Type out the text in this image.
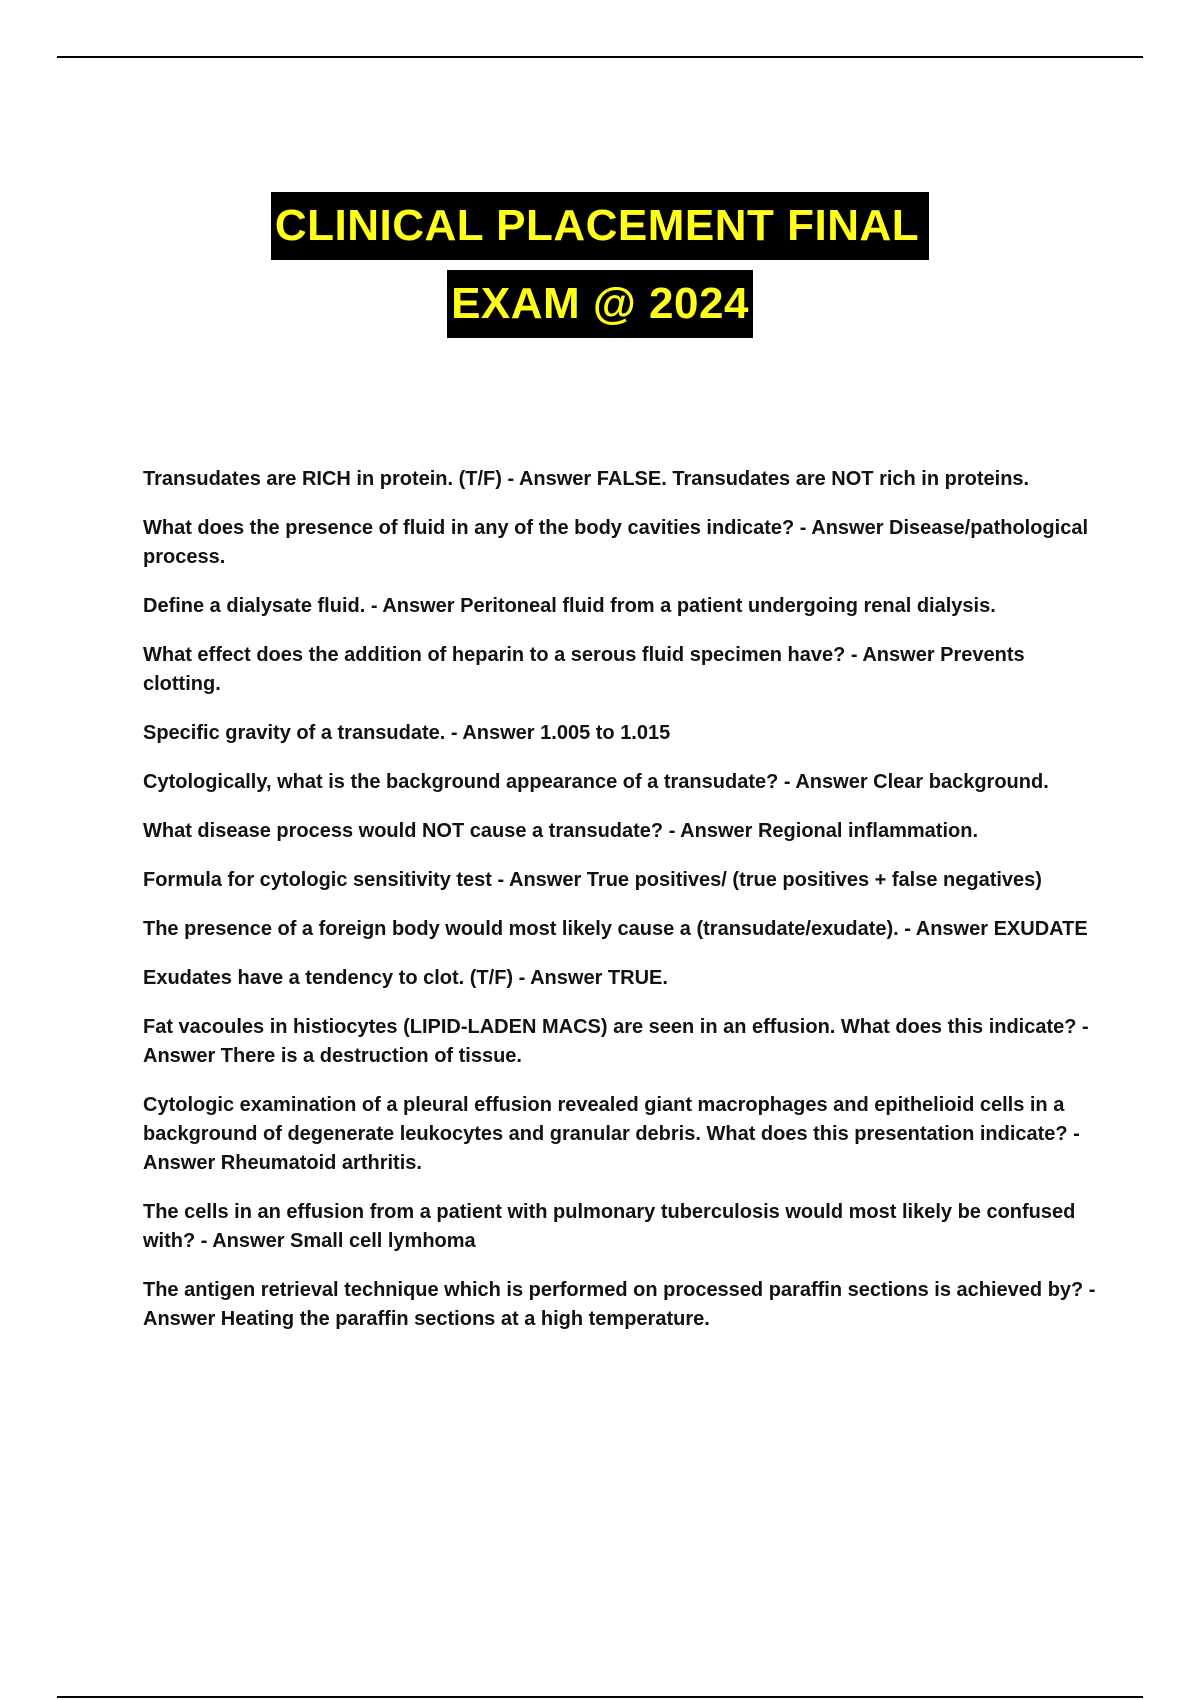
CLINICAL PLACEMENT FINAL
EXAM @ 2024
Transudates are RICH in protein. (T/F) - Answer FALSE. Transudates are NOT rich in proteins.
What does the presence of fluid in any of the body cavities indicate? - Answer Disease/pathological process.
Define a dialysate fluid. - Answer Peritoneal fluid from a patient undergoing renal dialysis.
What effect does the addition of heparin to a serous fluid specimen have? - Answer Prevents clotting.
Specific gravity of a transudate. - Answer 1.005 to 1.015
Cytologically, what is the background appearance of a transudate? - Answer Clear background.
What disease process would NOT cause a transudate? - Answer Regional inflammation.
Formula for cytologic sensitivity test - Answer True positives/ (true positives + false negatives)
The presence of a foreign body would most likely cause a (transudate/exudate). - Answer EXUDATE
Exudates have a tendency to clot. (T/F) - Answer TRUE.
Fat vacoules in histiocytes (LIPID-LADEN MACS) are seen in an effusion. What does this indicate? - Answer There is a destruction of tissue.
Cytologic examination of a pleural effusion revealed giant macrophages and epithelioid cells in a background of degenerate leukocytes and granular debris. What does this presentation indicate? - Answer Rheumatoid arthritis.
The cells in an effusion from a patient with pulmonary tuberculosis would most likely be confused with? - Answer Small cell lymhoma
The antigen retrieval technique which is performed on processed paraffin sections is achieved by? - Answer Heating the paraffin sections at a high temperature.
